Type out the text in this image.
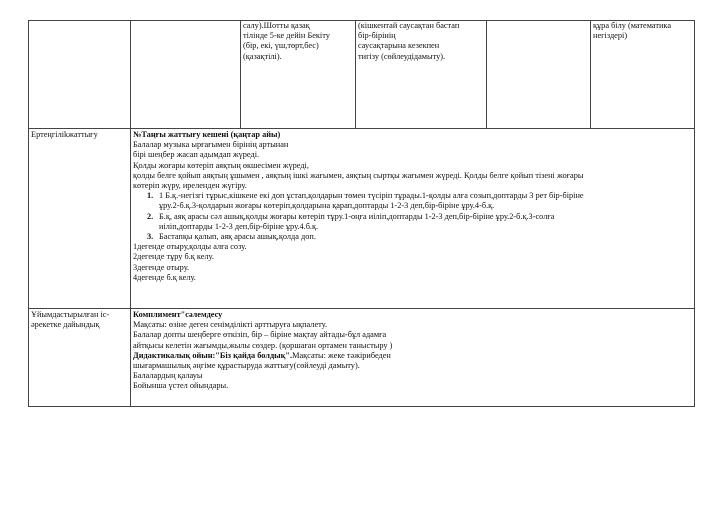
салу).Шотты қазақ
тілінде 5-ке дейін Бекіту
(бір, екі, үш,төрт,бес)
(қазақтілі).
(кішкентай саусақтан бастап
бір-бірінің
саусақтарына кезекпен
тигізу (сөйлеудідамыту).
құра білу (математика
негіздері)
Ертеңгіліkжаттығу	№Таңғы жаттығу кешені (қаңтар айы)
Балалар музыка ырғағымен бірінің артынан
бірі шеңбер жасап адымдап жүреді.
Қолды жоғары көтеріп аяқтың өкшесімен жүреді,
қолды белге қойып аяқтың ұшымен , аяқтың ішкі жағымен, аяқтың сыртқы жағымен жүреді. Қолды белге қойып тізені жоғары
көтеріп жүру, иреленден жүгіру.
1. 1 Б.қ.-негізгі тұрыс,кішкене екі доп ұстап,қолдарын төмен түсіріп тұрады.1-қолды алға созып,доптарды 3 рет бір-біріне
ұру.2-б.қ.3-қолдарын жоғары көтеріп,қолдарына қарап,доптарды 1-2-3 деп,бір-біріне ұру.4-б.қ.
2. Б.қ, аяқ арасы сәл ашық,қолды жоғары көтеріп тұру.1-оңға иіліп,доптарды 1-2-3 деп,бір-біріне ұру.2-б.қ.3-солға
иіліп,доптарды 1-2-3 деп,бір-біріне ұру.4.б.қ.
3. Бастапқы қалып, аяқ арасы ашық,қолда доп.
1дегенде отыру,қолды алға созу.
2дегенде тұру б.қ келу.
3дегенде отыру.
4дегенде б.қ келу.
Ұйымдастырылған іс-
әрекетке дайындық
Комплимент"сәлемдесу
Мақсаты: өзіне деген сенімділікті арттыруға ықпалету.
Балалар допты шеңберге өткізіп, бір – біріне мақтау айтады-бұл адамға
айтқысы келетін жағымды,жылы сөздер. (қоршаған ортамен таныстыру )
Дидактикалық ойын:"Біз қайда болдық".Мақсаты: жеке тәжірибеден
шығармашылық әңгіме құрастыруда жаттығу(сөйлеуді дамыту).
Балалардың қалауы
Бойынша үстел ойындары.
